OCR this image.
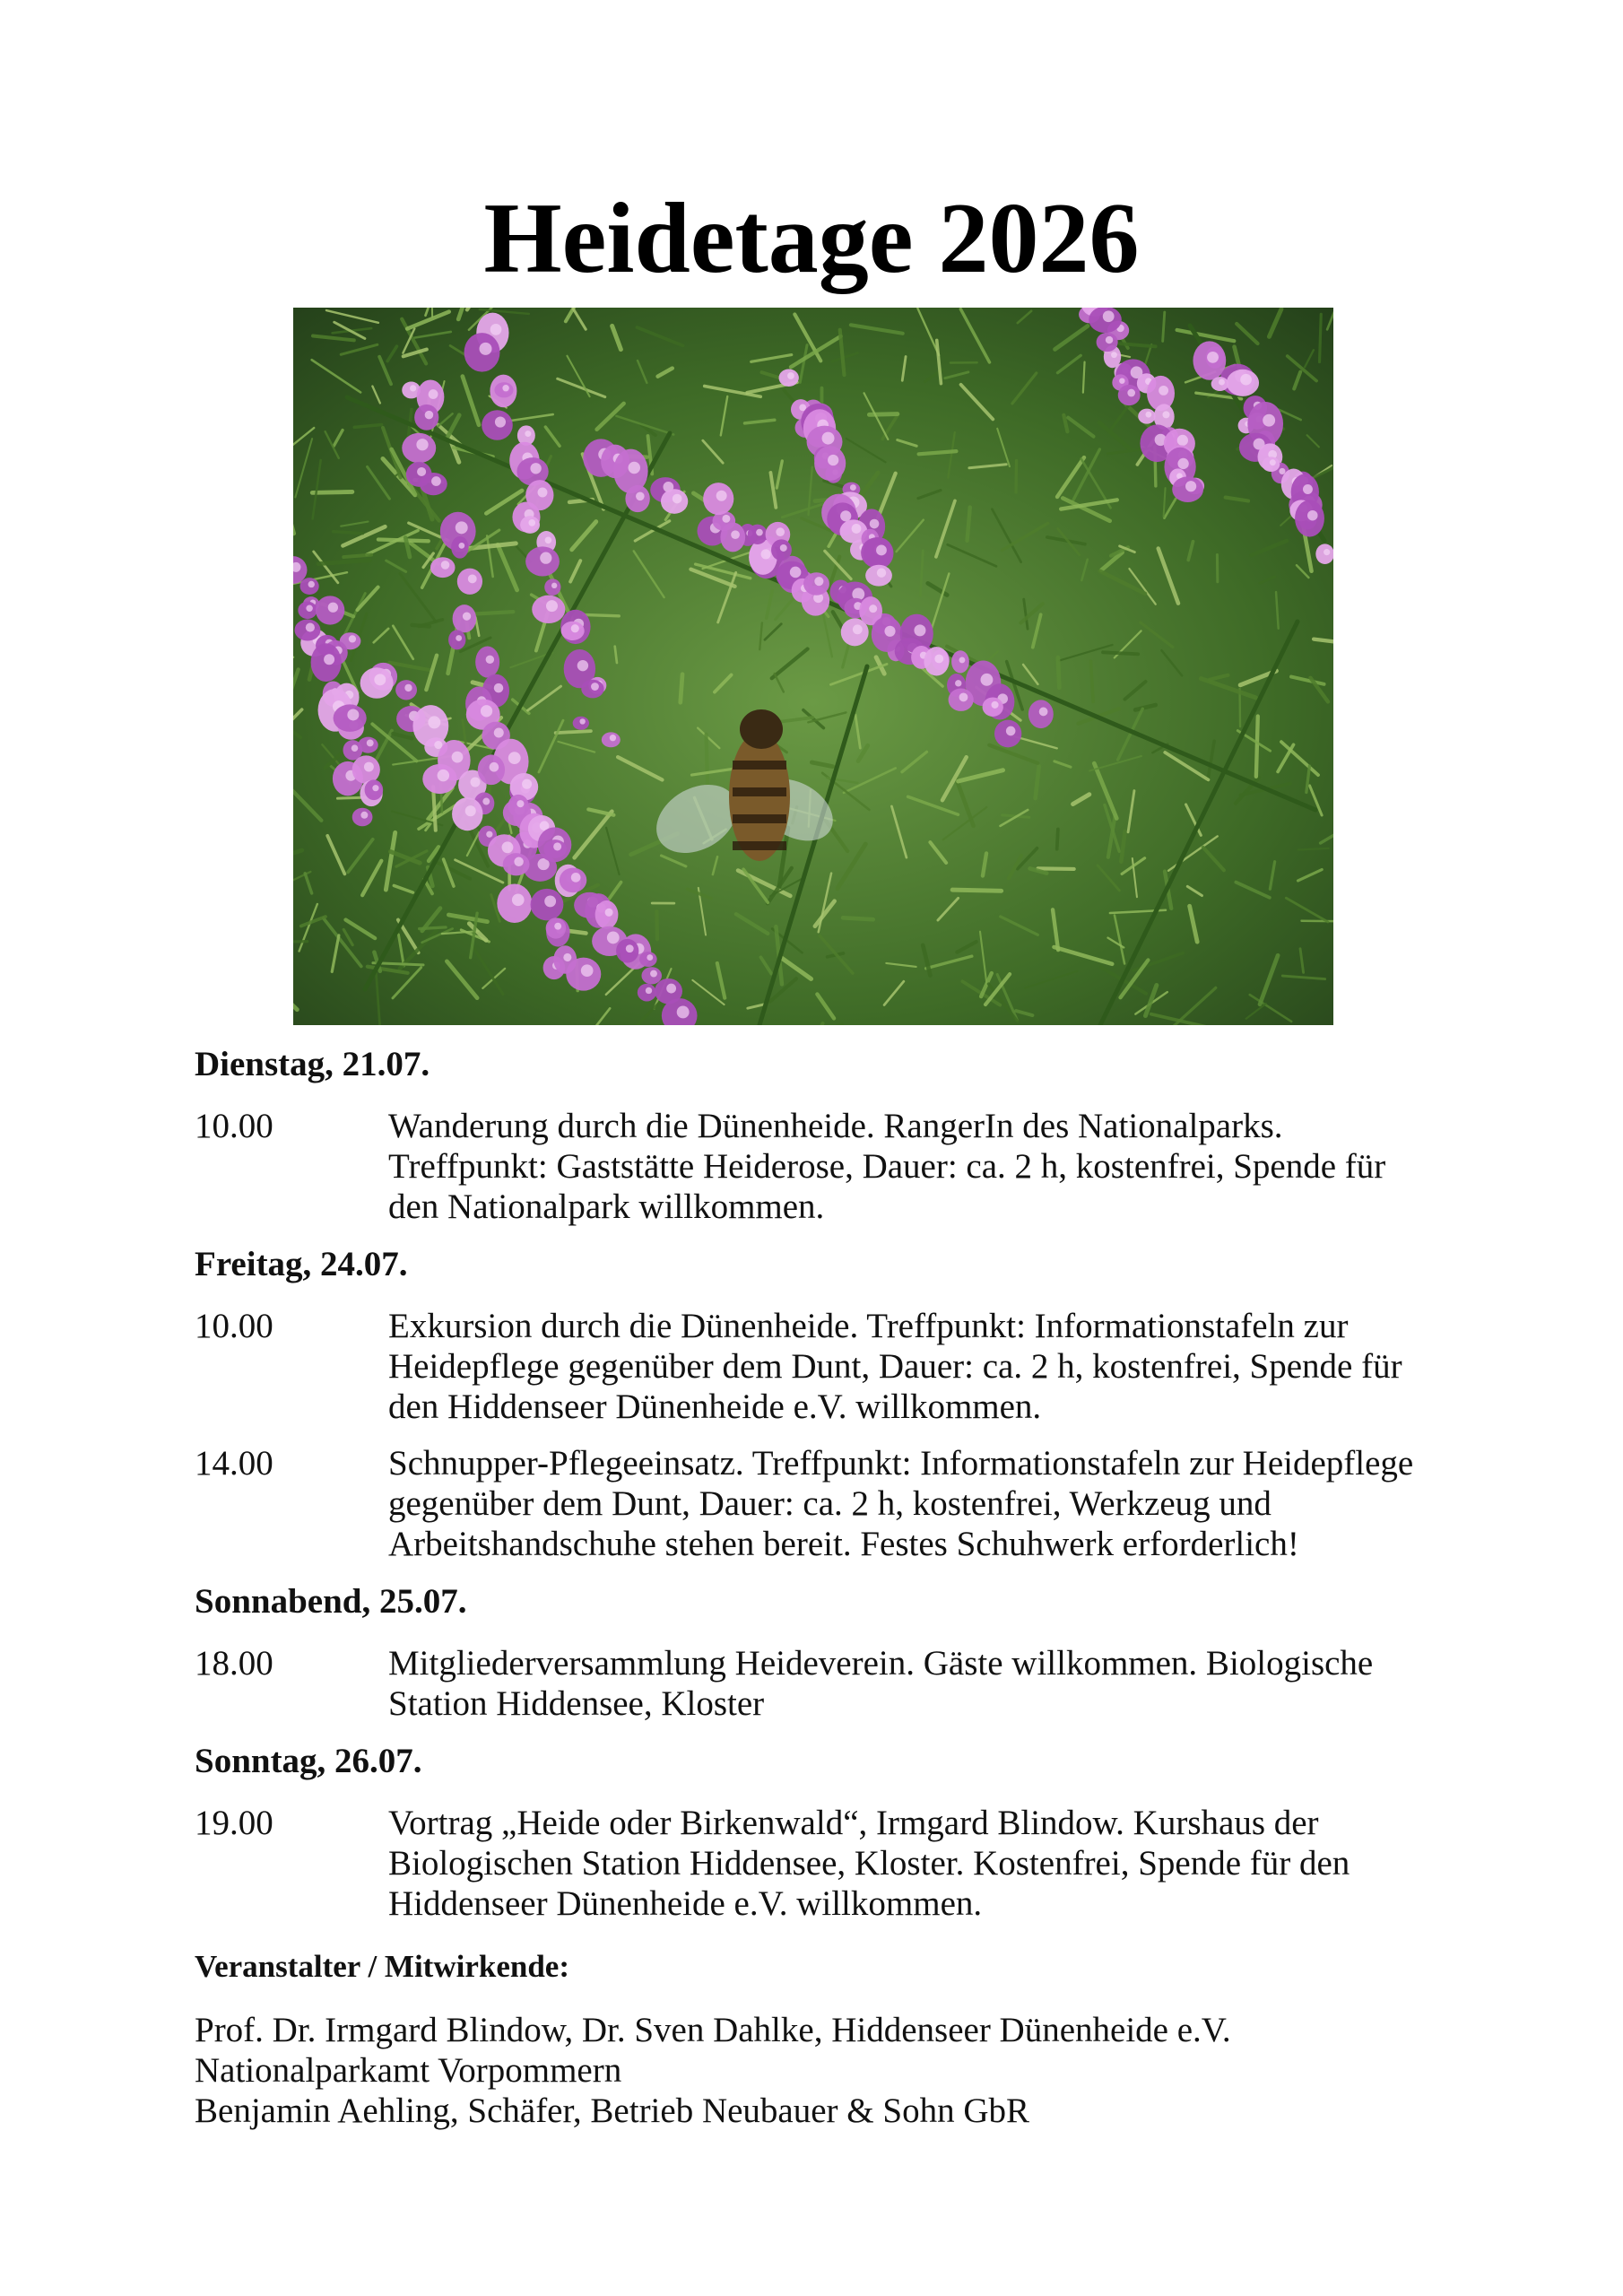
Heidetage 2026
Dienstag, 21.07.
10.00	Wanderung durch die Dünenheide. RangerIn des Nationalparks.
Treffpunkt: Gaststätte Heiderose, Dauer: ca. 2 h, kostenfrei, Spende für
den Nationalpark willkommen.
Freitag, 24.07.
10.00	Exkursion durch die Dünenheide. Treffpunkt: Informationstafeln zur
Heidepflege gegenüber dem Dunt, Dauer: ca. 2 h, kostenfrei, Spende für
den Hiddenseer Dünenheide e.V. willkommen.
14.00	Schnupper-Pflegeeinsatz. Treffpunkt: Informationstafeln zur Heidepflege
gegenüber dem Dunt, Dauer: ca. 2 h, kostenfrei, Werkzeug und
Arbeitshandschuhe stehen bereit. Festes Schuhwerk erforderlich!
Sonnabend, 25.07.
18.00	Mitgliederversammlung Heideverein. Gäste willkommen. Biologische
Station Hiddensee, Kloster
Sonntag, 26.07.
19.00	Vortrag „Heide oder Birkenwald“, Irmgard Blindow. Kurshaus der
Biologischen Station Hiddensee, Kloster. Kostenfrei, Spende für den
Hiddenseer Dünenheide e.V. willkommen.
Veranstalter / Mitwirkende:
Prof. Dr. Irmgard Blindow, Dr. Sven Dahlke, Hiddenseer Dünenheide e.V.
Nationalparkamt Vorpommern
Benjamin Aehling, Schäfer, Betrieb Neubauer & Sohn GbR
